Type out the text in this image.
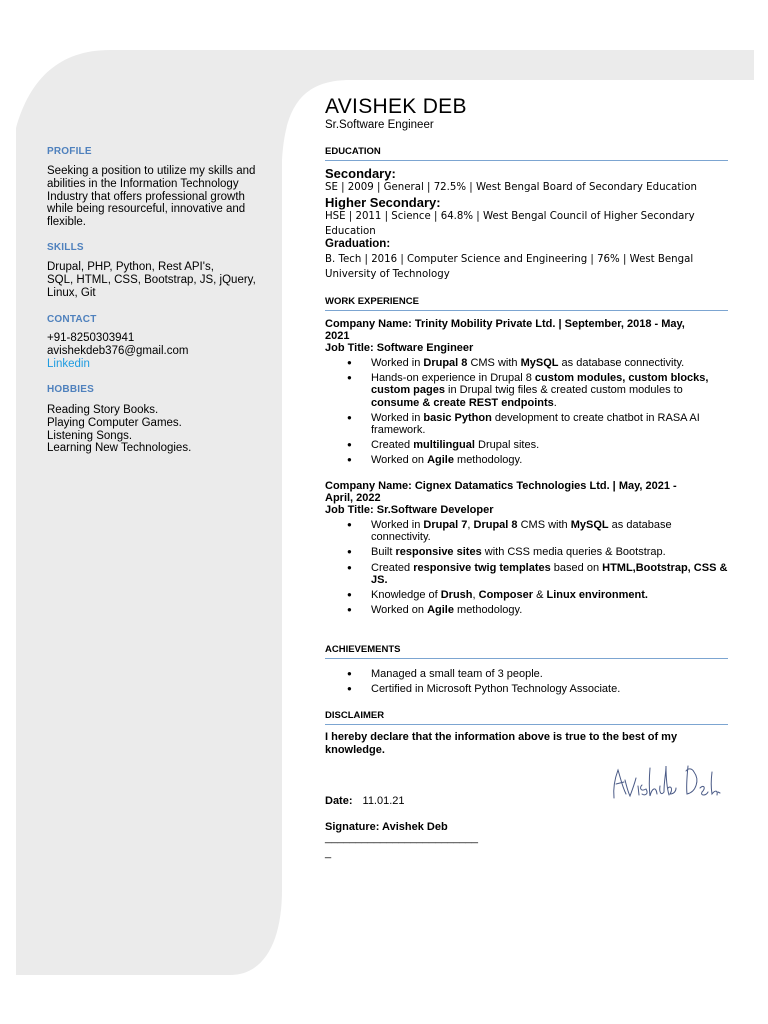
PROFILE
Seeking a position to utilize my skills and
abilities in the Information Technology
Industry that offers professional growth
while being resourceful, innovative and
flexible.
SKILLS
Drupal, PHP, Python, Rest API's,
SQL, HTML, CSS, Bootstrap, JS, jQuery,
Linux, Git
CONTACT
+91-8250303941
avishekdeb376@gmail.com
Linkedin
HOBBIES
Reading Story Books.
Playing Computer Games.
Listening Songs.
Learning New Technologies.
AVISHEK DEB
Sr.Software Engineer
EDUCATION
Secondary:
SE | 2009 | General | 72.5% | West Bengal Board of Secondary Education
Higher Secondary:
HSE | 2011 | Science | 64.8% | West Bengal Council of Higher Secondary
Education
Graduation:
B. Tech | 2016 | Computer Science and Engineering | 76% | West Bengal
University of Technology
WORK EXPERIENCE
Company Name: Trinity Mobility Private Ltd. | September, 2018 - May,
2021
Job Title: Software Engineer
● Worked in Drupal 8 CMS with MySQL as database connectivity.
● Hands-on experience in Drupal 8 custom modules, custom blocks, custom pages in Drupal twig files & created custom modules to consume & create REST endpoints.
● Worked in basic Python development to create chatbot in RASA AI framework.
● Created multilingual Drupal sites.
● Worked on Agile methodology.
Company Name: Cignex Datamatics Technologies Ltd. | May, 2021 -
April, 2022
Job Title: Sr.Software Developer
● Worked in Drupal 7, Drupal 8 CMS with MySQL as database connectivity.
● Built responsive sites with CSS media queries & Bootstrap.
● Created responsive twig templates based on HTML,Bootstrap, CSS & JS.
● Knowledge of Drush, Composer & Linux environment.
● Worked on Agile methodology.
ACHIEVEMENTS
● Managed a small team of 3 people.
● Certified in Microsoft Python Technology Associate.
DISCLAIMER
I hereby declare that the information above is true to the best of my
knowledge.
Date: 11.01.21
Signature: Avishek Deb
_________________________
_
